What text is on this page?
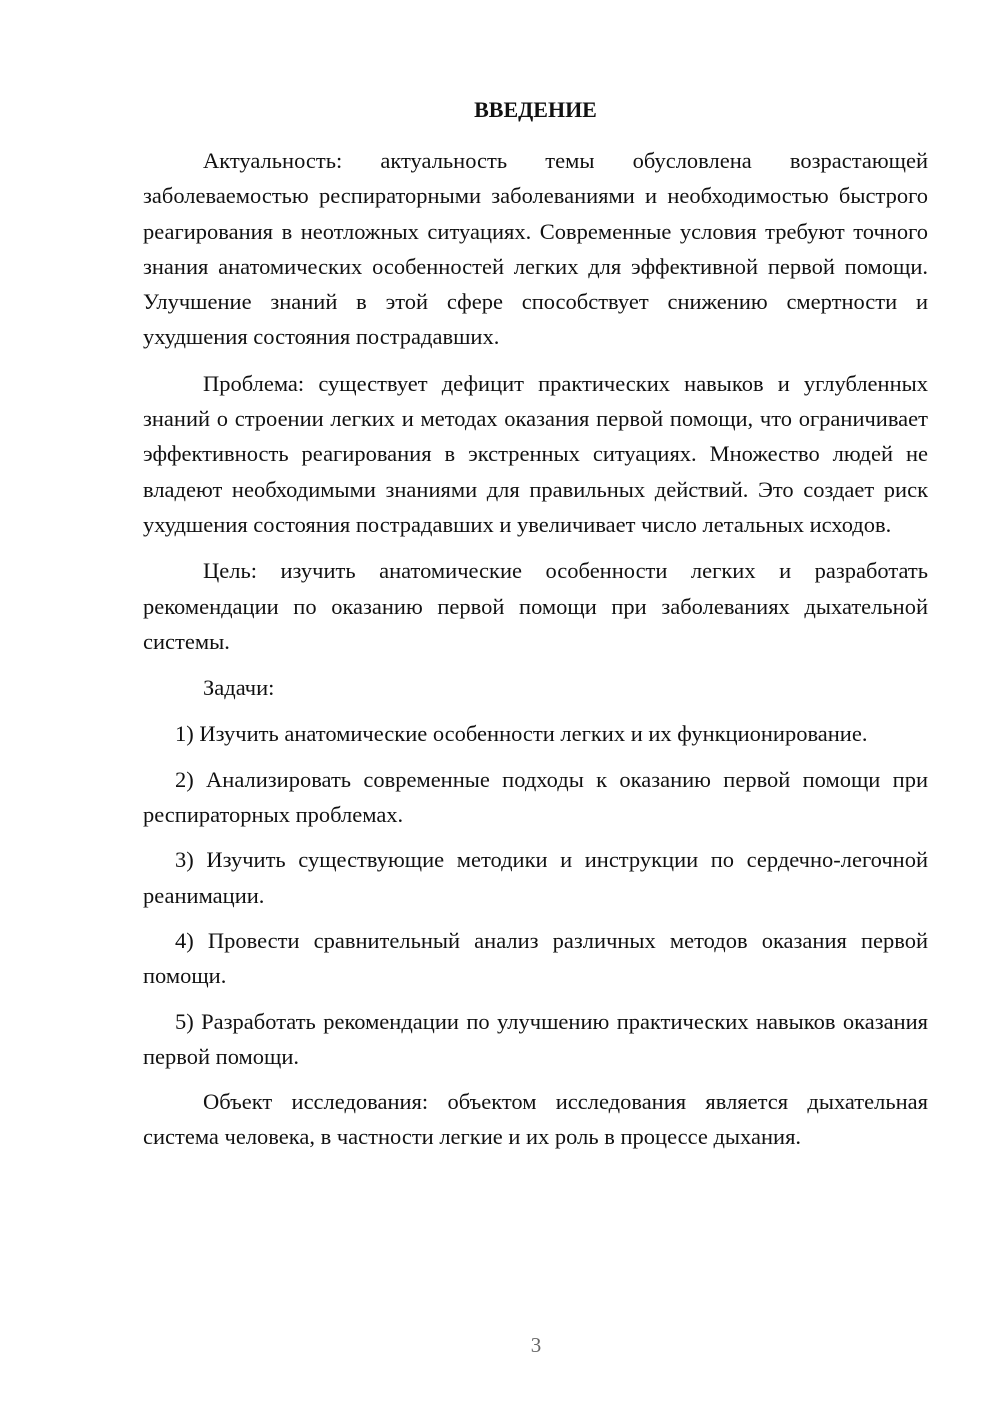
ВВЕДЕНИЕ

Актуальность: актуальность темы обусловлена возрастающей заболеваемостью респираторными заболеваниями и необходимостью быстрого реагирования в неотложных ситуациях. Современные условия требуют точного знания анатомических особенностей легких для эффективной первой помощи. Улучшение знаний в этой сфере способствует снижению смертности и ухудшения состояния пострадавших.

Проблема: существует дефицит практических навыков и углубленных знаний о строении легких и методах оказания первой помощи, что ограничивает эффективность реагирования в экстренных ситуациях. Множество людей не владеют необходимыми знаниями для правильных действий. Это создает риск ухудшения состояния пострадавших и увеличивает число летальных исходов.

Цель: изучить анатомические особенности легких и разработать рекомендации по оказанию первой помощи при заболеваниях дыхательной системы.

Задачи:

1) Изучить анатомические особенности легких и их функционирование.

2) Анализировать современные подходы к оказанию первой помощи при респираторных проблемах.

3) Изучить существующие методики и инструкции по сердечно-легочной реанимации.

4) Провести сравнительный анализ различных методов оказания первой помощи.

5) Разработать рекомендации по улучшению практических навыков оказания первой помощи.

Объект исследования: объектом исследования является дыхательная система человека, в частности легкие и их роль в процессе дыхания.

3
